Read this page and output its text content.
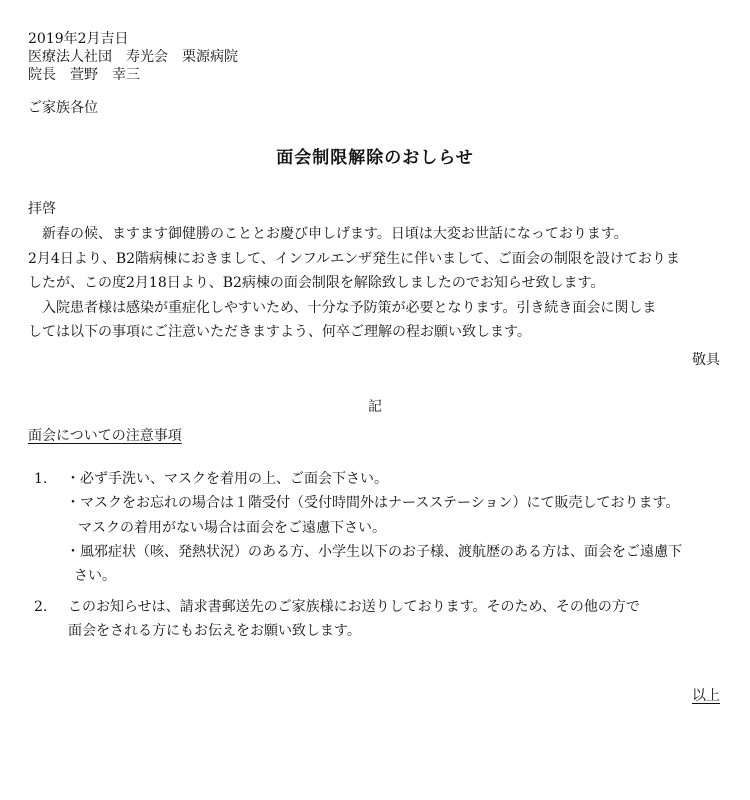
2019年2月吉日
医療法人社団　寿光会　栗源病院
院長　萱野　幸三
ご家族各位
面会制限解除のおしらせ
拝啓

　新春の候、ますます御健勝のこととお慶び申しげます。日頃は大変お世話になっております。

2月4日より、B2階病棟におきまして、インフルエンザ発生に伴いまして、ご面会の制限を設けておりま

したが、この度2月18日より、B2病棟の面会制限を解除致しましたのでお知らせ致します。

　入院患者様は感染が重症化しやすいため、十分な予防策が必要となります。引き続き面会に関しま

しては以下の事項にご注意いただきますよう、何卒ご理解の程お願い致します。

敬具
記
面会についての注意事項
1. ・必ず手洗い、マスクを着用の上、ご面会下さい。
・マスクをお忘れの場合は１階受付（受付時間外はナースステーション）にて販売しております。
マスクの着用がない場合は面会をご遠慮下さい。
・風邪症状（咳、発熱状況）のある方、小学生以下のお子様、渡航歴のある方は、面会をご遠慮下
さい。
2. このお知らせは、請求書郵送先のご家族様にお送りしております。そのため、その他の方で
面会をされる方にもお伝えをお願い致します。
以上
